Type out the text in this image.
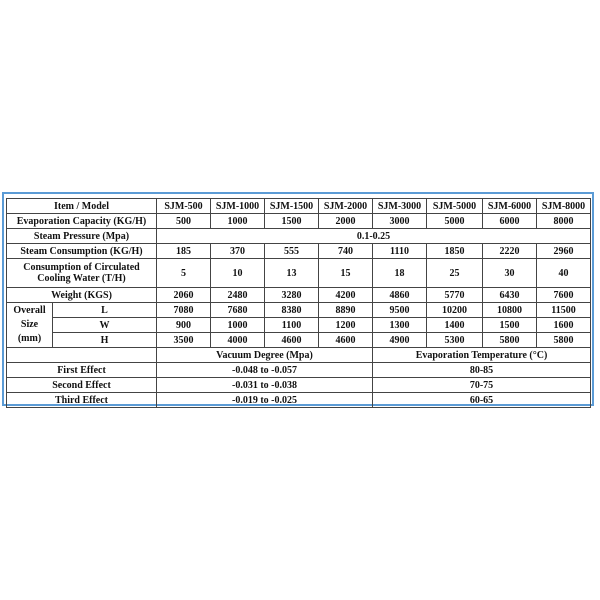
Item / Model		SJM-500	SJM-1000	SJM-1500	SJM-2000	SJM-3000	SJM-5000	SJM-6000	SJM-8000
Evaporation Capacity (KG/H)		500	1000	1500	2000	3000	5000	6000	8000
Steam Pressure (Mpa)		0.1-0.25							
Steam Consumption (KG/H)		185	370	555	740	1110	1850	2220	2960
Consumption of Circulated Cooling Water (T/H)		5	10	13	15	18	25	30	40
Weight (KGS)		2060	2480	3280	4200	4860	5770	6430	7600

Overall
Size
(mm)	L	7080	7680	8380	8890	9500	10200	10800	11500
	W	900	1000	1100	1200	1300	1400	1500	1600
	H	3500	4000	4600	4600	4900	5300	5800	5800
		Vacuum Degree (Mpa)				Evaporation Temperature (°C)			
First Effect		-0.048 to -0.057				80-85			
Second Effect		-0.031 to -0.038				70-75			
Third Effect		-0.019 to -0.025				60-65			
